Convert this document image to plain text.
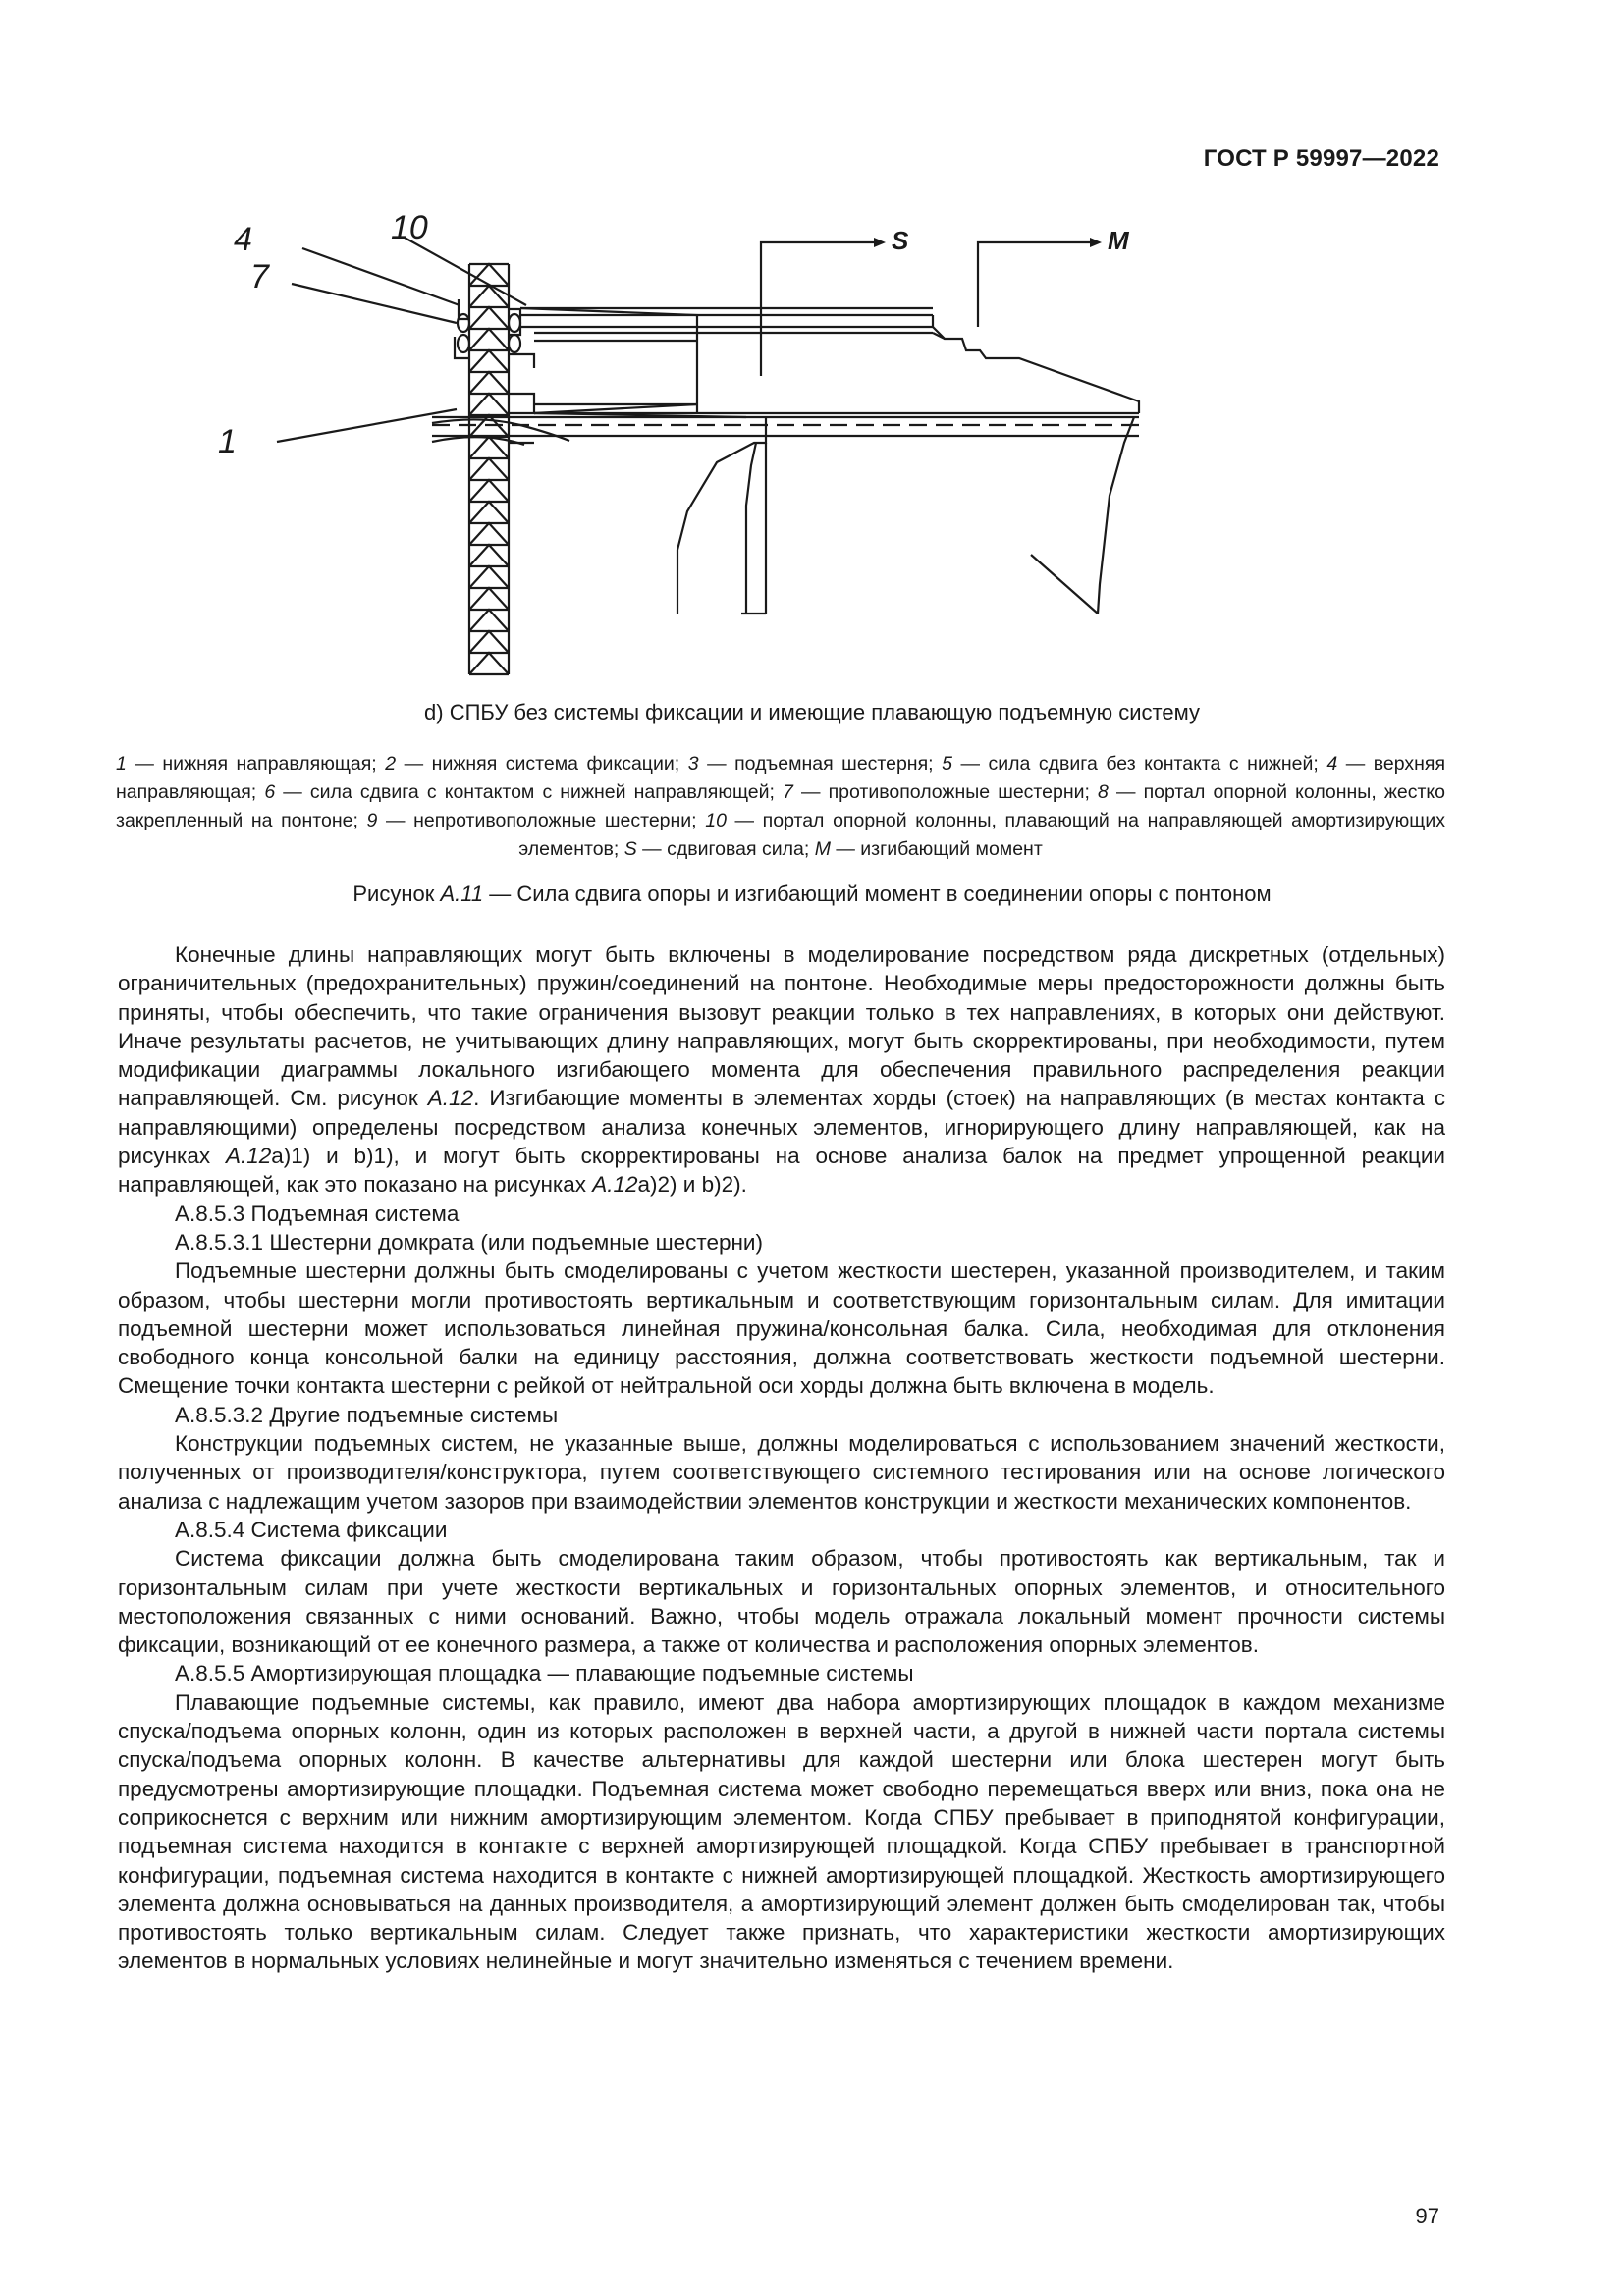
ГОСТ Р 59997—2022
4	10
7
1
S	M
d) СПБУ без системы фиксации и имеющие плавающую подъемную систему
1 — нижняя направляющая; 2 — нижняя система фиксации; 3 — подъемная шестерня; 5 — сила сдвига без контакта с нижней; 4 — верхняя направляющая; 6 — сила сдвига с контактом с нижней направляющей; 7 — противоположные шестерни; 8 — портал опорной колонны, жестко закрепленный на понтоне; 9 — непротивоположные шестерни; 10 — портал опорной колонны, плавающий на направляющей амортизирующих элементов; S — сдвиговая сила; M — изгибающий момент
Рисунок А.11 — Сила сдвига опоры и изгибающий момент в соединении опоры с понтоном

Конечные длины направляющих могут быть включены в моделирование посредством ряда дискретных (отдельных) ограничительных (предохранительных) пружин/соединений на понтоне. Необходимые меры предосторожности должны быть приняты, чтобы обеспечить, что такие ограничения вызовут реакции только в тех направлениях, в которых они действуют. Иначе результаты расчетов, не учитывающих длину направляющих, могут быть скорректированы, при необходимости, путем модификации диаграммы локального изгибающего момента для обеспечения правильного распределения реакции направляющей. См. рисунок А.12. Изгибающие моменты в элементах хорды (стоек) на направляющих (в местах контакта с направляющими) определены посредством анализа конечных элементов, игнорирующего длину направляющей, как на рисунках А.12а)1) и b)1), и могут быть скорректированы на основе анализа балок на предмет упрощенной реакции направляющей, как это показано на рисунках А.12а)2) и b)2).

А.8.5.3 Подъемная система

А.8.5.3.1 Шестерни домкрата (или подъемные шестерни)

Подъемные шестерни должны быть смоделированы с учетом жесткости шестерен, указанной производителем, и таким образом, чтобы шестерни могли противостоять вертикальным и соответствующим горизонтальным силам. Для имитации подъемной шестерни может использоваться линейная пружина/консольная балка. Сила, необходимая для отклонения свободного конца консольной балки на единицу расстояния, должна соответствовать жесткости подъемной шестерни. Смещение точки контакта шестерни с рейкой от нейтральной оси хорды должна быть включена в модель.

А.8.5.3.2 Другие подъемные системы

Конструкции подъемных систем, не указанные выше, должны моделироваться с использованием значений жесткости, полученных от производителя/конструктора, путем соответствующего системного тестирования или на основе логического анализа с надлежащим учетом зазоров при взаимодействии элементов конструкции и жесткости механических компонентов.

А.8.5.4 Система фиксации

Система фиксации должна быть смоделирована таким образом, чтобы противостоять как вертикальным, так и горизонтальным силам при учете жесткости вертикальных и горизонтальных опорных элементов, и относительного местоположения связанных с ними оснований. Важно, чтобы модель отражала локальный момент прочности системы фиксации, возникающий от ее конечного размера, а также от количества и расположения опорных элементов.

А.8.5.5 Амортизирующая площадка — плавающие подъемные системы

Плавающие подъемные системы, как правило, имеют два набора амортизирующих площадок в каждом механизме спуска/подъема опорных колонн, один из которых расположен в верхней части, а другой в нижней части портала системы спуска/подъема опорных колонн. В качестве альтернативы для каждой шестерни или блока шестерен могут быть предусмотрены амортизирующие площадки. Подъемная система может свободно перемещаться вверх или вниз, пока она не соприкоснется с верхним или нижним амортизирующим элементом. Когда СПБУ пребывает в приподнятой конфигурации, подъемная система находится в контакте с верхней амортизирующей площадкой. Когда СПБУ пребывает в транспортной конфигурации, подъемная система находится в контакте с нижней амортизирующей площадкой. Жесткость амортизирующего элемента должна основываться на данных производителя, а амортизирующий элемент должен быть смоделирован так, чтобы противостоять только вертикальным силам. Следует также признать, что характеристики жесткости амортизирующих элементов в нормальных условиях нелинейные и могут значительно изменяться с течением времени.

97
